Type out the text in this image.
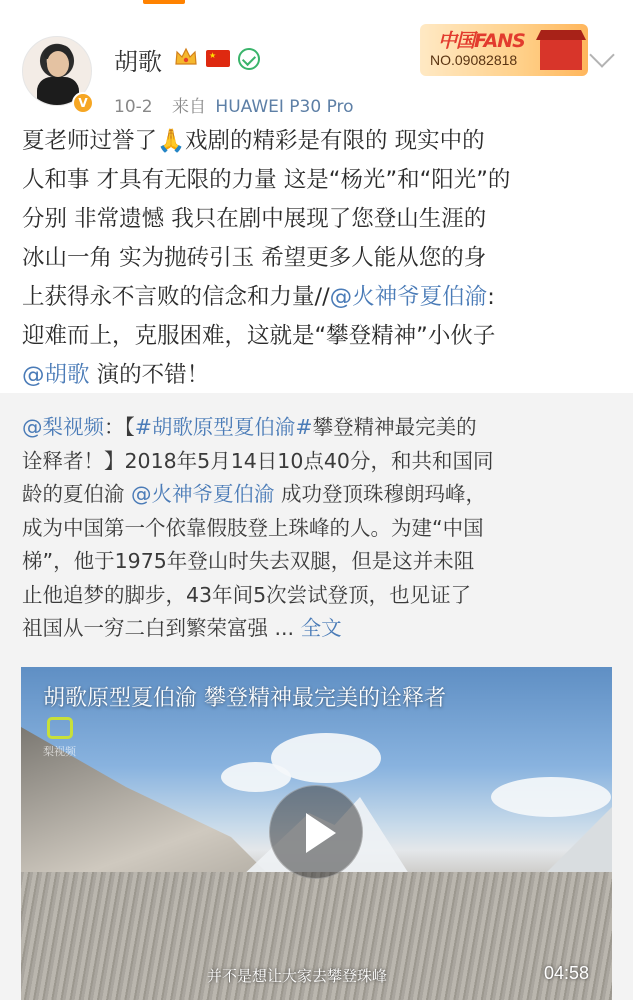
V
胡歌	★
10-2 来自 HUAWEI P30 Pro
中国FANS
NO.09082818
夏老师过誉了🙏戏剧的精彩是有限的 现实中的
人和事 才具有无限的力量 这是“杨光”和“阳光”的
分别 非常遗憾 我只在剧中展现了您登山生涯的
冰山一角 实为抛砖引玉 希望更多人能从您的身
上获得永不言败的信念和力量//@火神爷夏伯渝:
迎难而上，克服困难，这就是“攀登精神”小伙子
@胡歌 演的不错！
@梨视频：【#胡歌原型夏伯渝#攀登精神最完美的
诠释者！】2018年5月14日10点40分，和共和国同
龄的夏伯渝 @火神爷夏伯渝 成功登顶珠穆朗玛峰，
成为中国第一个依靠假肢登上珠峰的人。为建“中国
梯”，他于1975年登山时失去双腿，但是这并未阻
止他追梦的脚步，43年间5次尝试登顶，也见证了
祖国从一穷二白到繁荣富强 ... 全文
胡歌原型夏伯渝 攀登精神最完美的诠释者
梨视频
并不是想让大家去攀登珠峰	04:58
